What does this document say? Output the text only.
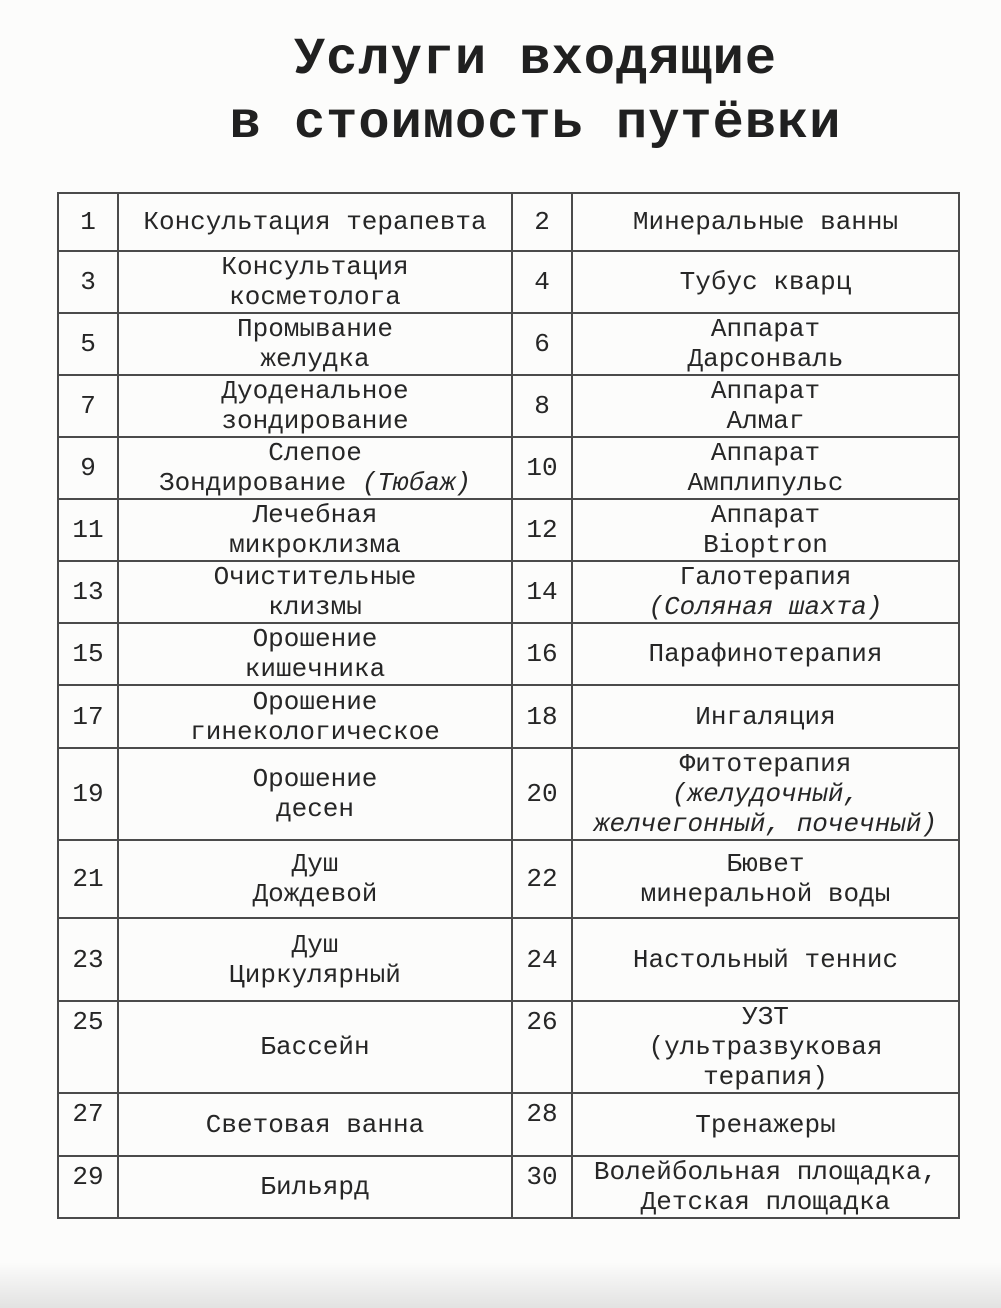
Услуги входящие
в стоимость путёвки
1	Консультация терапевта	2	Минеральные ванны

3	Консультация
косметолога	4	Тубус кварц

5	Промывание
желудка	6	Аппарат
Дарсонваль

7	Дуоденальное
зондирование	8	Аппарат
Алмаг

9	Слепое
Зондирование (Тюбаж)	10	Аппарат
Амплипульс

11	Лечебная
микроклизма	12	Аппарат
Bioptron

13	Очистительные
клизмы	14	Галотерапия
(Соляная шахта)

15	Орошение
кишечника	16	Парафинотерапия

17	Орошение
гинекологическое	18	Ингаляция

19	Орошение
десен	20	
Фитотерапия
(желудочный,
желчегонный, почечный)

21	Душ
Дождевой	22	Бювет
минеральной воды

23	Душ
Циркулярный	24	Настольный теннис

25	Бассейн	26	УЗТ
(ультразвуковая
терапия)

27	Световая ванна	28	Тренажеры

29	Бильярд	30	Волейбольная площадка,
Детская площадка
